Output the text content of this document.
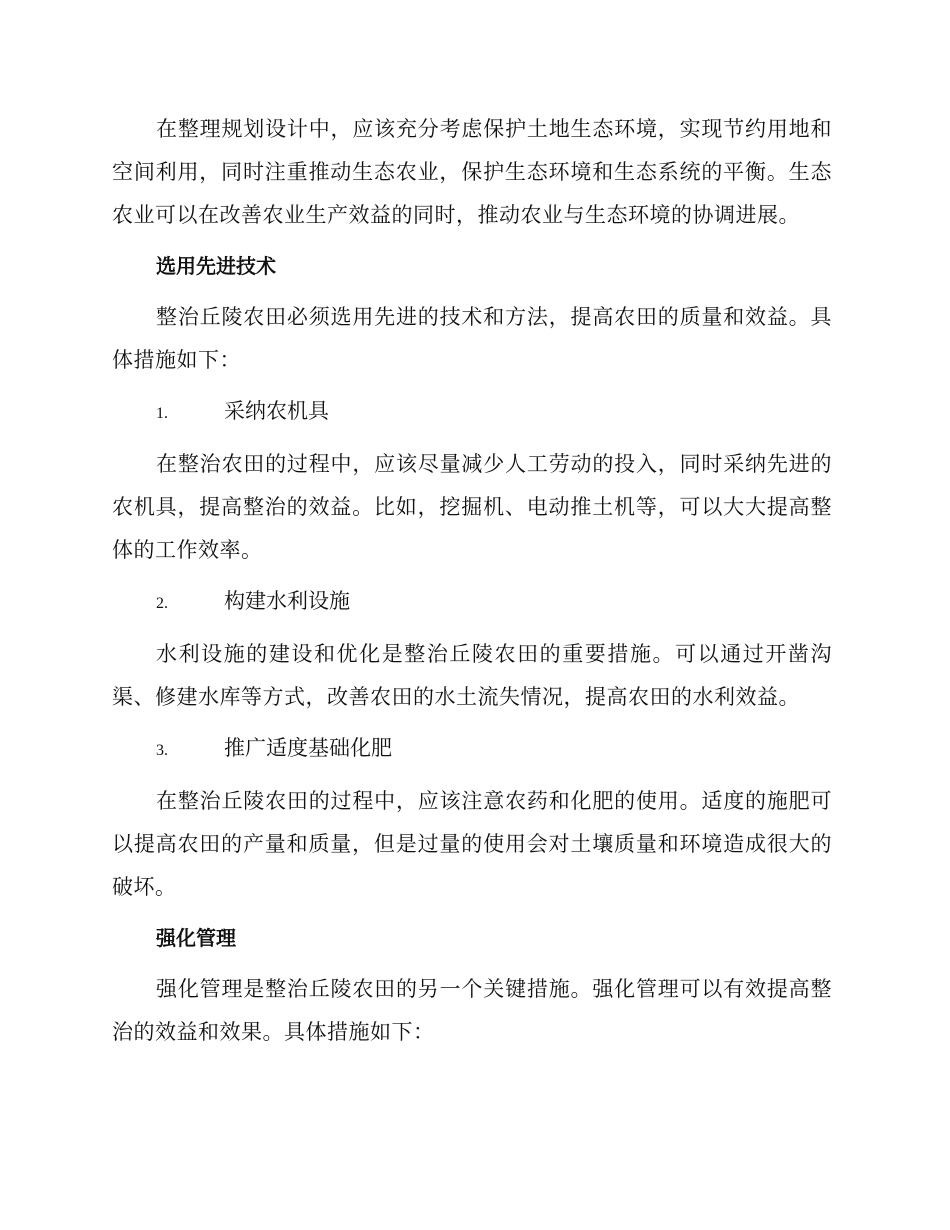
在整理规划设计中，应该充分考虑保护土地生态环境，实现节约用地和空间利用，同时注重推动生态农业，保护生态环境和生态系统的平衡。生态农业可以在改善农业生产效益的同时，推动农业与生态环境的协调进展。

选用先进技术

整治丘陵农田必须选用先进的技术和方法，提高农田的质量和效益。具体措施如下：

1.	采纳农机具

在整治农田的过程中，应该尽量减少人工劳动的投入，同时采纳先进的农机具，提高整治的效益。比如，挖掘机、电动推土机等，可以大大提高整体的工作效率。

2.	构建水利设施

水利设施的建设和优化是整治丘陵农田的重要措施。可以通过开凿沟渠、修建水库等方式，改善农田的水土流失情况，提高农田的水利效益。

3.	推广适度基础化肥

在整治丘陵农田的过程中，应该注意农药和化肥的使用。适度的施肥可以提高农田的产量和质量，但是过量的使用会对土壤质量和环境造成很大的破坏。

强化管理

强化管理是整治丘陵农田的另一个关键措施。强化管理可以有效提高整治的效益和效果。具体措施如下：
